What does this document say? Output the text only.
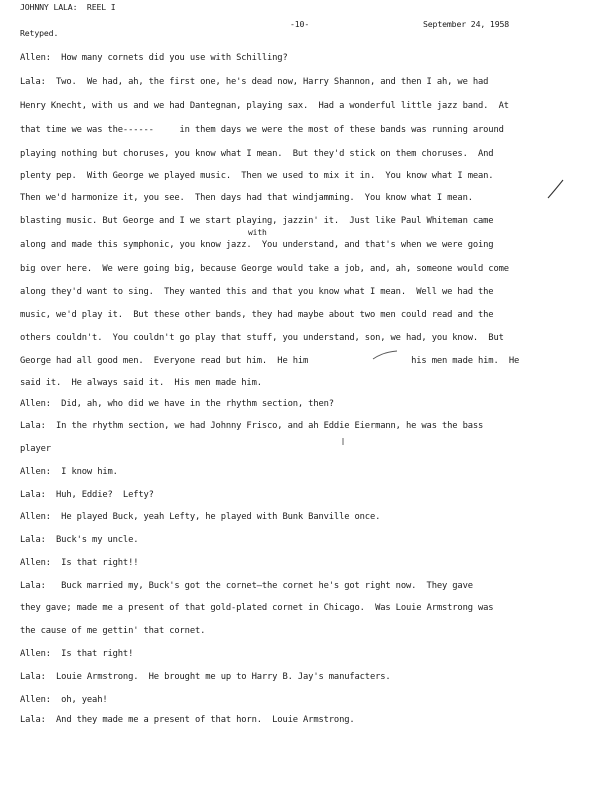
JOHNNY LALA:  REEL I
-10-	September 24, 1958
Retyped.
Allen:  How many cornets did you use with Schilling?
Lala:  Two.  We had, ah, the first one, he's dead now, Harry Shannon, and then I ah, we had
Henry Knecht, with us and we had Dantegnan, playing sax.  Had a wonderful little jazz band.  At
that time we was the------     in them days we were the most of these bands was running around
playing nothing but choruses, you know what I mean.  But they'd stick on them choruses.  And
plenty pep.  With George we played music.  Then we used to mix it in.  You know what I mean.
Then we'd harmonize it, you see.  Then days had that windjamming.  You know what I mean.
blasting music. But George and I we start playing, jazzin' it.  Just like Paul Whiteman came
with
along and made this symphonic, you know jazz.  You understand, and that's when we were going
big over here.  We were going big, because George would take a job, and, ah, someone would come
along they'd want to sing.  They wanted this and that you know what I mean.  Well we had the
music, we'd play it.  But these other bands, they had maybe about two men could read and the
others couldn't.  You couldn't go play that stuff, you understand, son, we had, you know.  But
George had all good men.  Everyone read but him.  He him                    his men made him.  He
said it.  He always said it.  His men made him.
Allen:  Did, ah, who did we have in the rhythm section, then?
Lala:  In the rhythm section, we had Johnny Frisco, and ah Eddie Eiermann, he was the bass
player
Allen:  I know him.
Lala:  Huh, Eddie?  Lefty?
Allen:  He played Buck, yeah Lefty, he played with Bunk Banville once.
Lala:  Buck's my uncle.
Allen:  Is that right!!
Lala:   Buck married my, Buck's got the cornet—the cornet he's got right now.  They gave
they gave; made me a present of that gold-plated cornet in Chicago.  Was Louie Armstrong was
the cause of me gettin' that cornet.
Allen:  Is that right!
Lala:  Louie Armstrong.  He brought me up to Harry B. Jay's manufacters.
Allen:  oh, yeah!
Lala:  And they made me a present of that horn.  Louie Armstrong.
